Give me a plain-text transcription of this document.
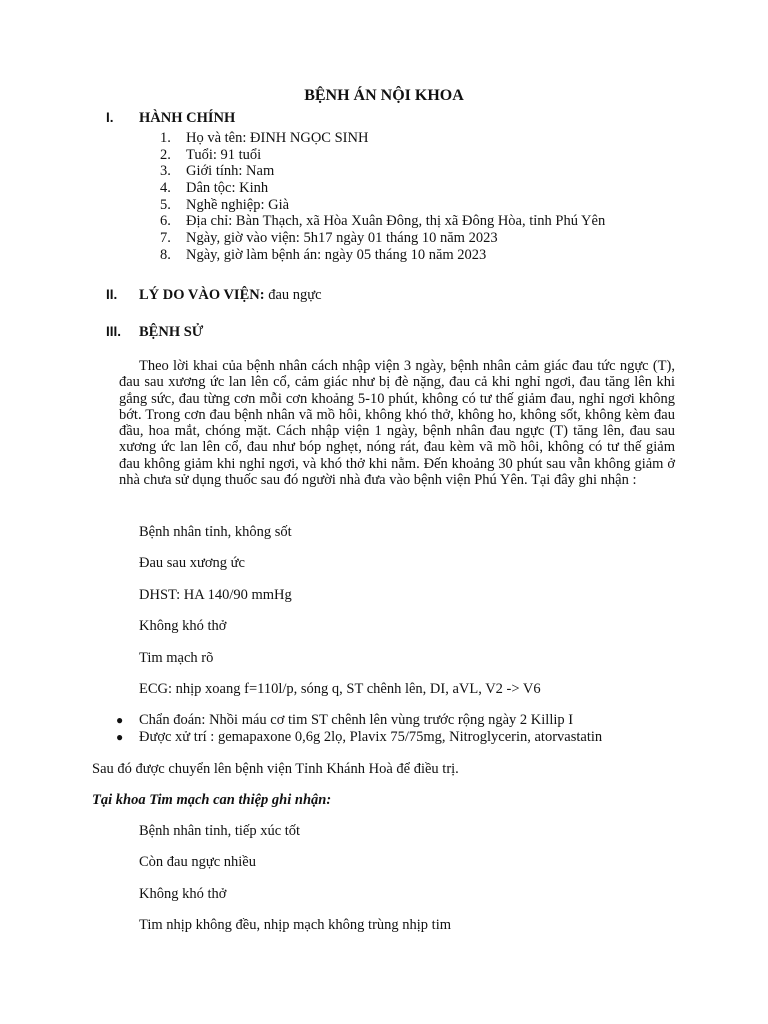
BỆNH ÁN NỘI KHOA
I. HÀNH CHÍNH
1. Họ và tên: ĐINH NGỌC SINH
2. Tuổi: 91 tuổi
3. Giới tính: Nam
4. Dân tộc: Kinh
5. Nghề nghiệp: Già
6. Địa chỉ: Bàn Thạch, xã Hòa Xuân Đông, thị xã Đông Hòa, tỉnh Phú Yên
7. Ngày, giờ vào viện: 5h17 ngày 01 tháng 10 năm 2023
8. Ngày, giờ làm bệnh án: ngày 05 tháng 10 năm 2023
II. LÝ DO VÀO VIỆN: đau ngực
III. BỆNH SỬ

Theo lời khai của bệnh nhân cách nhập viện 3 ngày, bệnh nhân cảm giác đau tức ngực (T), đau sau xương ức lan lên cổ, cảm giác như bị đè nặng, đau cả khi nghỉ ngơi, đau tăng lên khi gắng sức, đau từng cơn mỗi cơn khoảng 5-10 phút, không có tư thế giảm đau, nghỉ ngơi không bớt. Trong cơn đau bệnh nhân vã mồ hôi, không khó thở, không ho, không sốt, không kèm đau đầu, hoa mắt, chóng mặt. Cách nhập viện 1 ngày, bệnh nhân đau ngực (T) tăng lên, đau sau xương ức lan lên cổ, đau như bóp nghẹt, nóng rát, đau kèm vã mồ hôi, không có tư thế giảm đau không giảm khi nghỉ ngơi, và khó thở khi nằm. Đến khoảng 30 phút sau vẫn không giảm ở nhà chưa sử dụng thuốc sau đó người nhà đưa vào bệnh viện Phú Yên. Tại đây ghi nhận :

Bệnh nhân tỉnh, không sốt
Đau sau xương ức
DHST: HA 140/90 mmHg
Không khó thở
Tim mạch rõ
ECG: nhịp xoang f=110l/p, sóng q, ST chênh lên, DI, aVL, V2 -> V6
● Chẩn đoán: Nhồi máu cơ tim ST chênh lên vùng trước rộng ngày 2 Killip I
● Được xử trí : gemapaxone 0,6g 2lọ, Plavix 75/75mg, Nitroglycerin, atorvastatin
Sau đó được chuyển lên bệnh viện Tỉnh Khánh Hoà để điều trị.
Tại khoa Tim mạch can thiệp ghi nhận:
Bệnh nhân tỉnh, tiếp xúc tốt
Còn đau ngực nhiều
Không khó thở
Tim nhịp không đều, nhịp mạch không trùng nhịp tim
